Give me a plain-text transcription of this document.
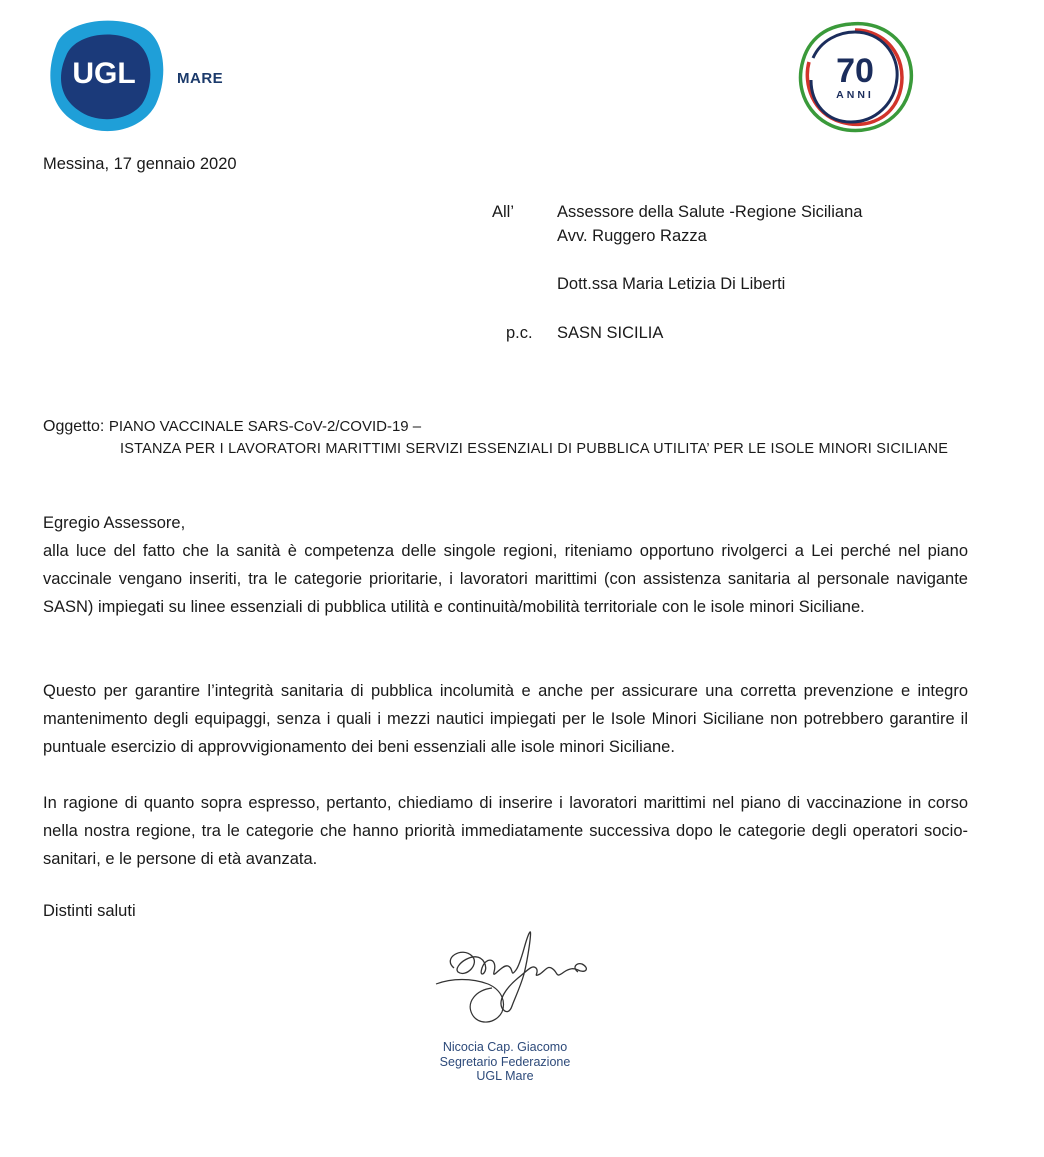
UGL	MARE	70
ANNI
Messina, 17 gennaio 2020
All’	Assessore della Salute -Regione Siciliana
Avv. Ruggero Razza
Dott.ssa Maria Letizia Di Liberti
p.c. SASN SICILIA
Oggetto: PIANO VACCINALE SARS-CoV-2/COVID-19 –
ISTANZA PER I LAVORATORI MARITTIMI SERVIZI ESSENZIALI DI PUBBLICA UTILITA’ PER LE ISOLE MINORI SICILIANE
Egregio Assessore,

alla luce del fatto che la sanità è competenza delle singole regioni, riteniamo opportuno rivolgerci a Lei perché nel piano vaccinale vengano inseriti, tra le categorie prioritarie, i lavoratori marittimi (con assistenza sanitaria al personale navigante SASN) impiegati su linee essenziali di pubblica utilità e continuità/mobilità territoriale con le isole minori Siciliane.

Questo per garantire l’integrità sanitaria di pubblica incolumità e anche per assicurare una corretta prevenzione e integro mantenimento degli equipaggi, senza i quali i mezzi nautici impiegati per le Isole Minori Siciliane non potrebbero garantire il puntuale esercizio di approvvigionamento dei beni essenziali alle isole minori Siciliane.

In ragione di quanto sopra espresso, pertanto, chiediamo di inserire i lavoratori marittimi nel piano di vaccinazione in corso nella nostra regione, tra le categorie che hanno priorità immediatamente successiva dopo le categorie degli operatori socio-sanitari, e le persone di età avanzata.

Distinti saluti
Nicocia Cap. Giacomo
Segretario Federazione
UGL Mare
